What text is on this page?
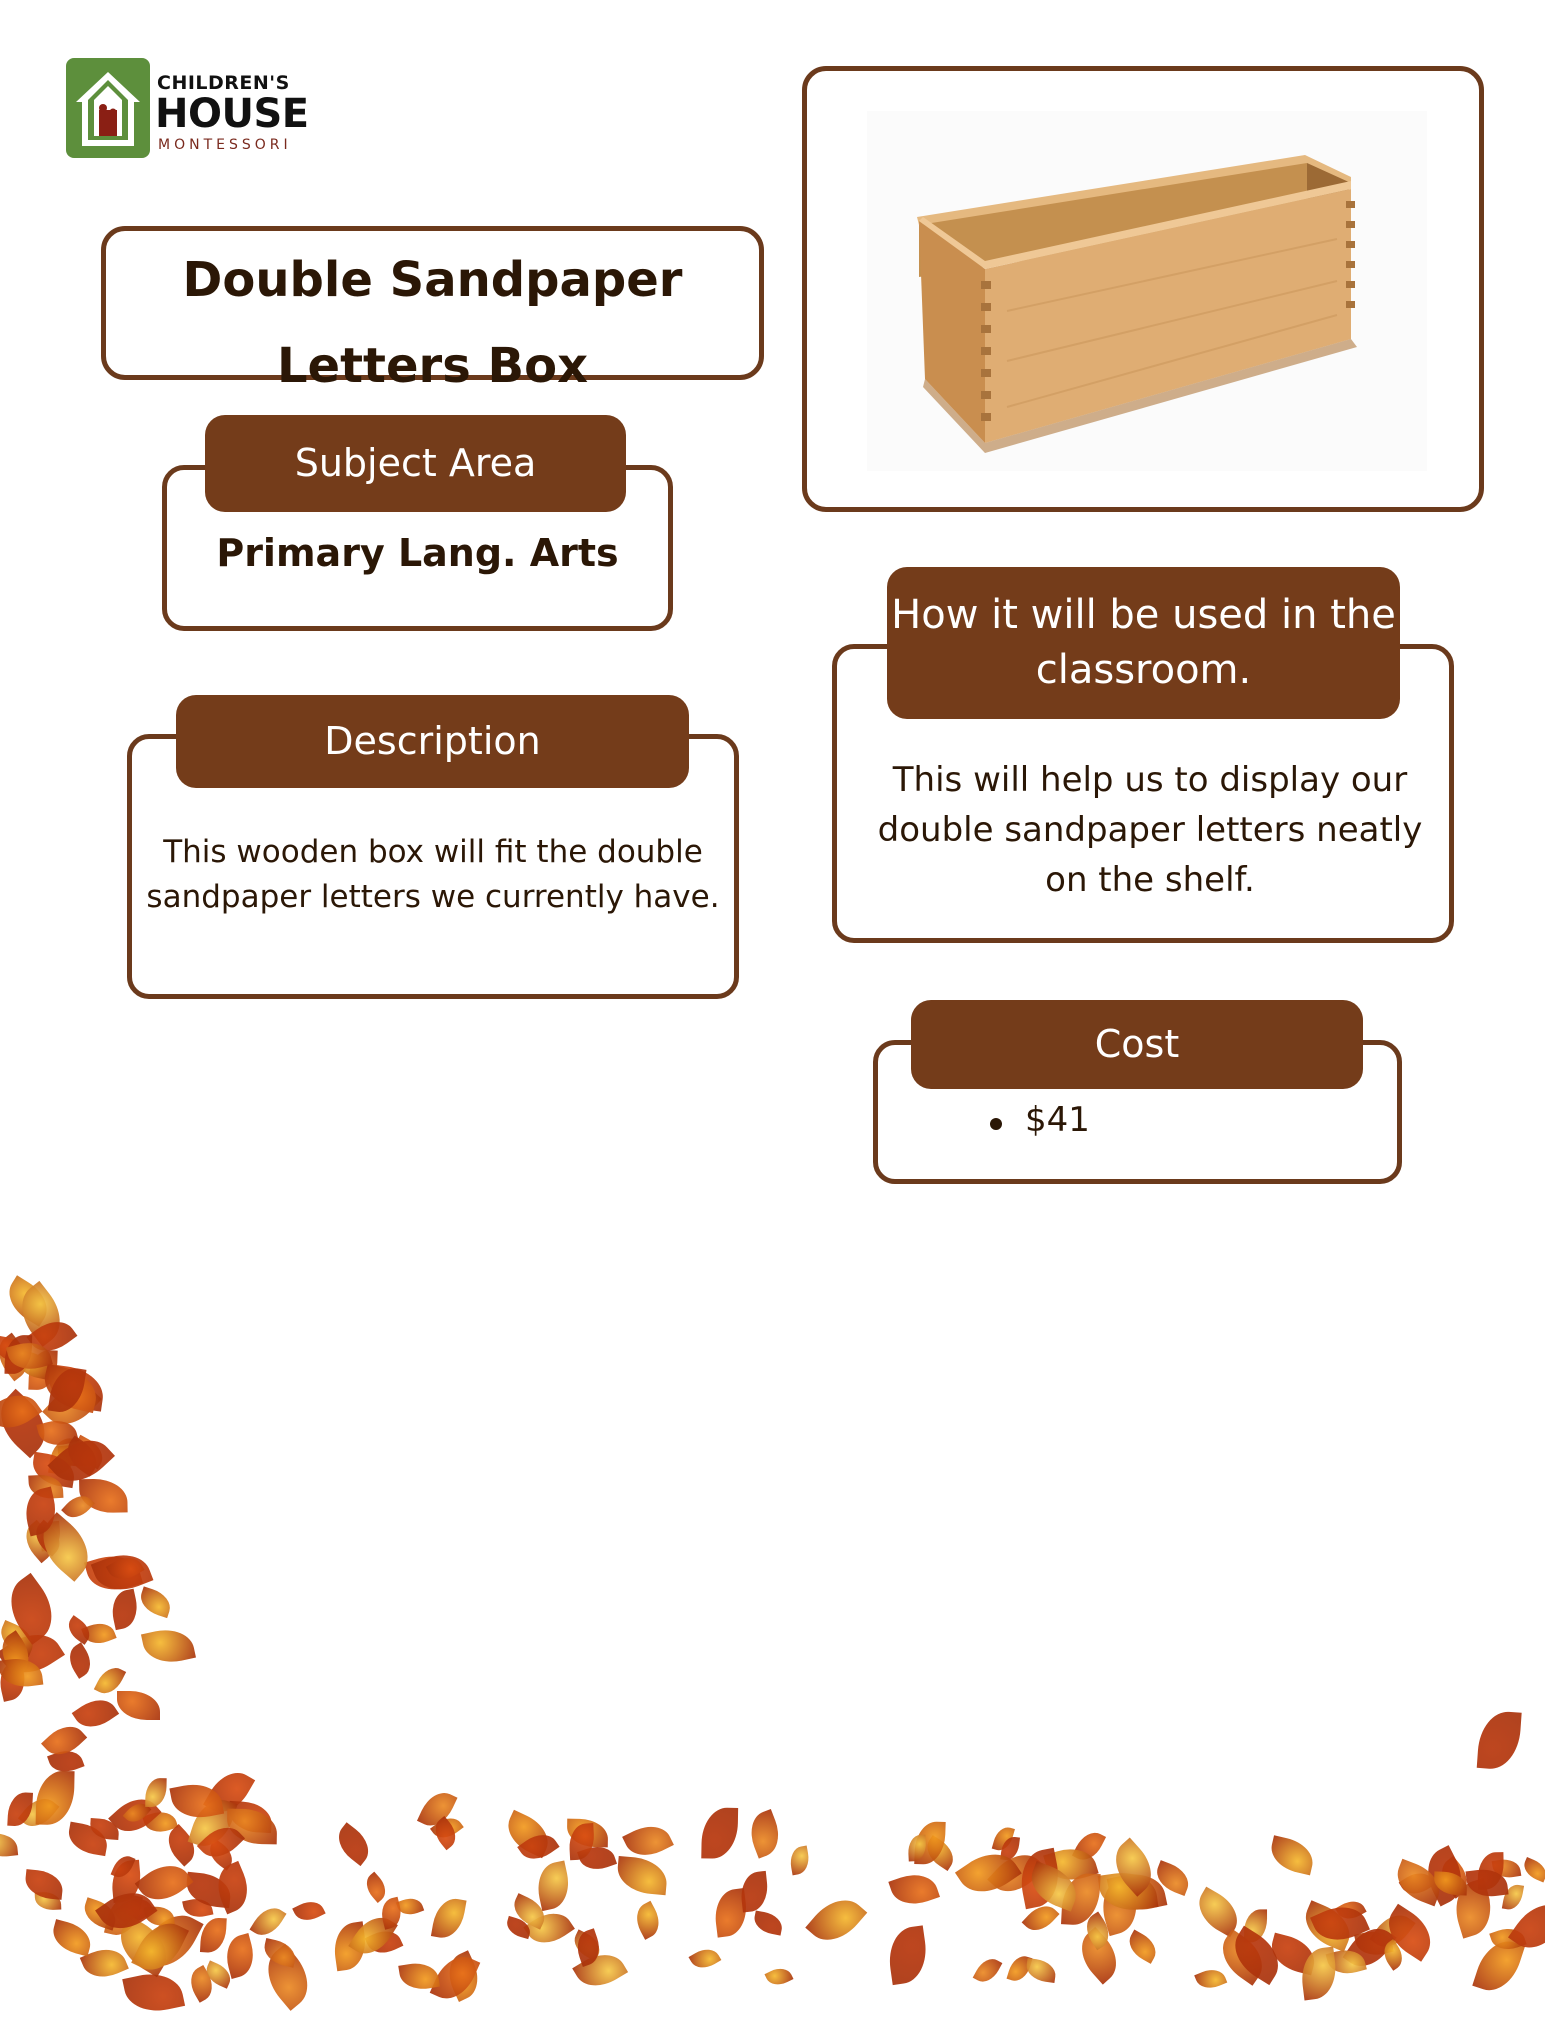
CHILDREN'S
HOUSE
MONTESSORI
Double Sandpaper
Letters Box
Subject Area
Primary Lang. Arts
Description
This wooden box will fit the double sandpaper letters we currently have.
How it will be used in the classroom.
This will help us to display our double sandpaper letters neatly on the shelf.
Cost
$41
